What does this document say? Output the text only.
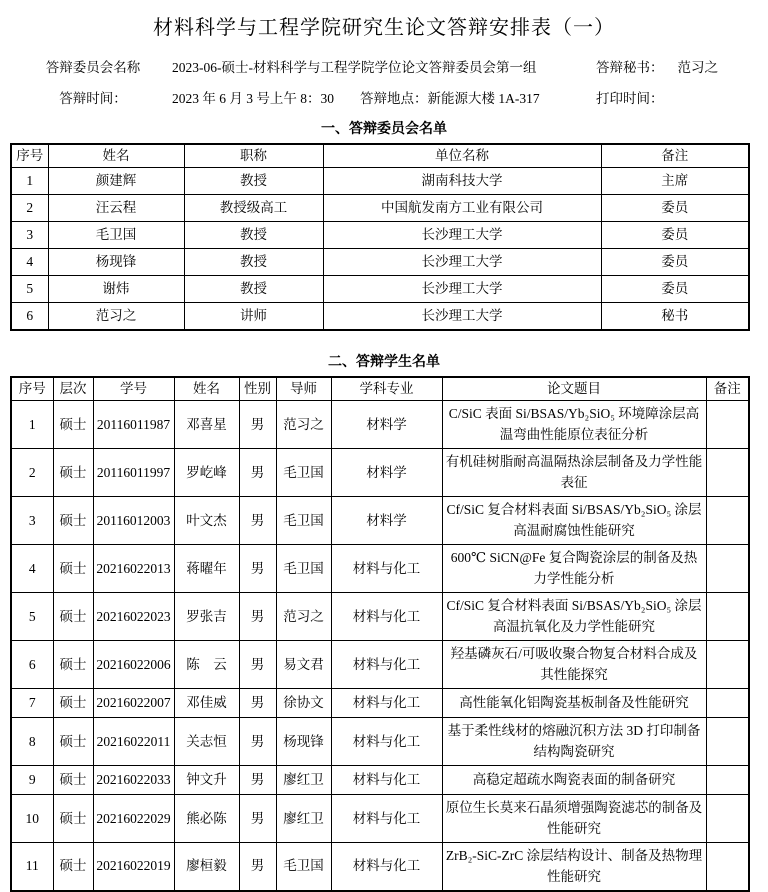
材料科学与工程学院研究生论文答辩安排表（一）
答辩委员会名称	2023-06-硕士-材料科学与工程学院学位论文答辩委员会第一组	答辩秘书： 范习之
答辩时间：	2023 年 6 月 3 号上午 8：30 答辩地点：新能源大楼 1A-317	打印时间：
一、答辩委员会名单
序号	姓名	职称	单位名称	备注
1	颜建辉	教授	湖南科技大学	主席
2	汪云程	教授级高工	中国航发南方工业有限公司	委员
3	毛卫国	教授	长沙理工大学	委员
4	杨现锋	教授	长沙理工大学	委员
5	谢炜	教授	长沙理工大学	委员
6	范习之	讲师	长沙理工大学	秘书
二、答辩学生名单
序号	层次	学号	姓名	性别	导师	学科专业	论文题目	备注
1	硕士	20116011987	邓喜星	男	范习之	材料学	C/SiC 表面 Si/BSAS/Yb₂SiO₅ 环境障涂层高温弯曲性能原位表征分析	
2	硕士	20116011997	罗屹峰	男	毛卫国	材料学	有机硅树脂耐高温隔热涂层制备及力学性能表征	
3	硕士	20116012003	叶文杰	男	毛卫国	材料学	Cf/SiC 复合材料表面 Si/BSAS/Yb₂SiO₅ 涂层高温耐腐蚀性能研究	
4	硕士	20216022013	蒋曜年	男	毛卫国	材料与化工	600℃ SiCN@Fe 复合陶瓷涂层的制备及热力学性能分析	
5	硕士	20216022023	罗张吉	男	范习之	材料与化工	Cf/SiC 复合材料表面 Si/BSAS/Yb₂SiO₅ 涂层高温抗氧化及力学性能研究	
6	硕士	20216022006	陈　云	男	易文君	材料与化工	羟基磷灰石/可吸收聚合物复合材料合成及其性能探究	
7	硕士	20216022007	邓佳威	男	徐协文	材料与化工	高性能氧化铝陶瓷基板制备及性能研究	
8	硕士	20216022011	关志恒	男	杨现锋	材料与化工	基于柔性线材的熔融沉积方法 3D 打印制备结构陶瓷研究	
9	硕士	20216022033	钟文升	男	廖红卫	材料与化工	高稳定超疏水陶瓷表面的制备研究	
10	硕士	20216022029	熊必陈	男	廖红卫	材料与化工	原位生长莫来石晶须增强陶瓷滤芯的制备及性能研究	
11	硕士	20216022019	廖桓毅	男	毛卫国	材料与化工	ZrB₂-SiC-ZrC 涂层结构设计、制备及热物理性能研究	
